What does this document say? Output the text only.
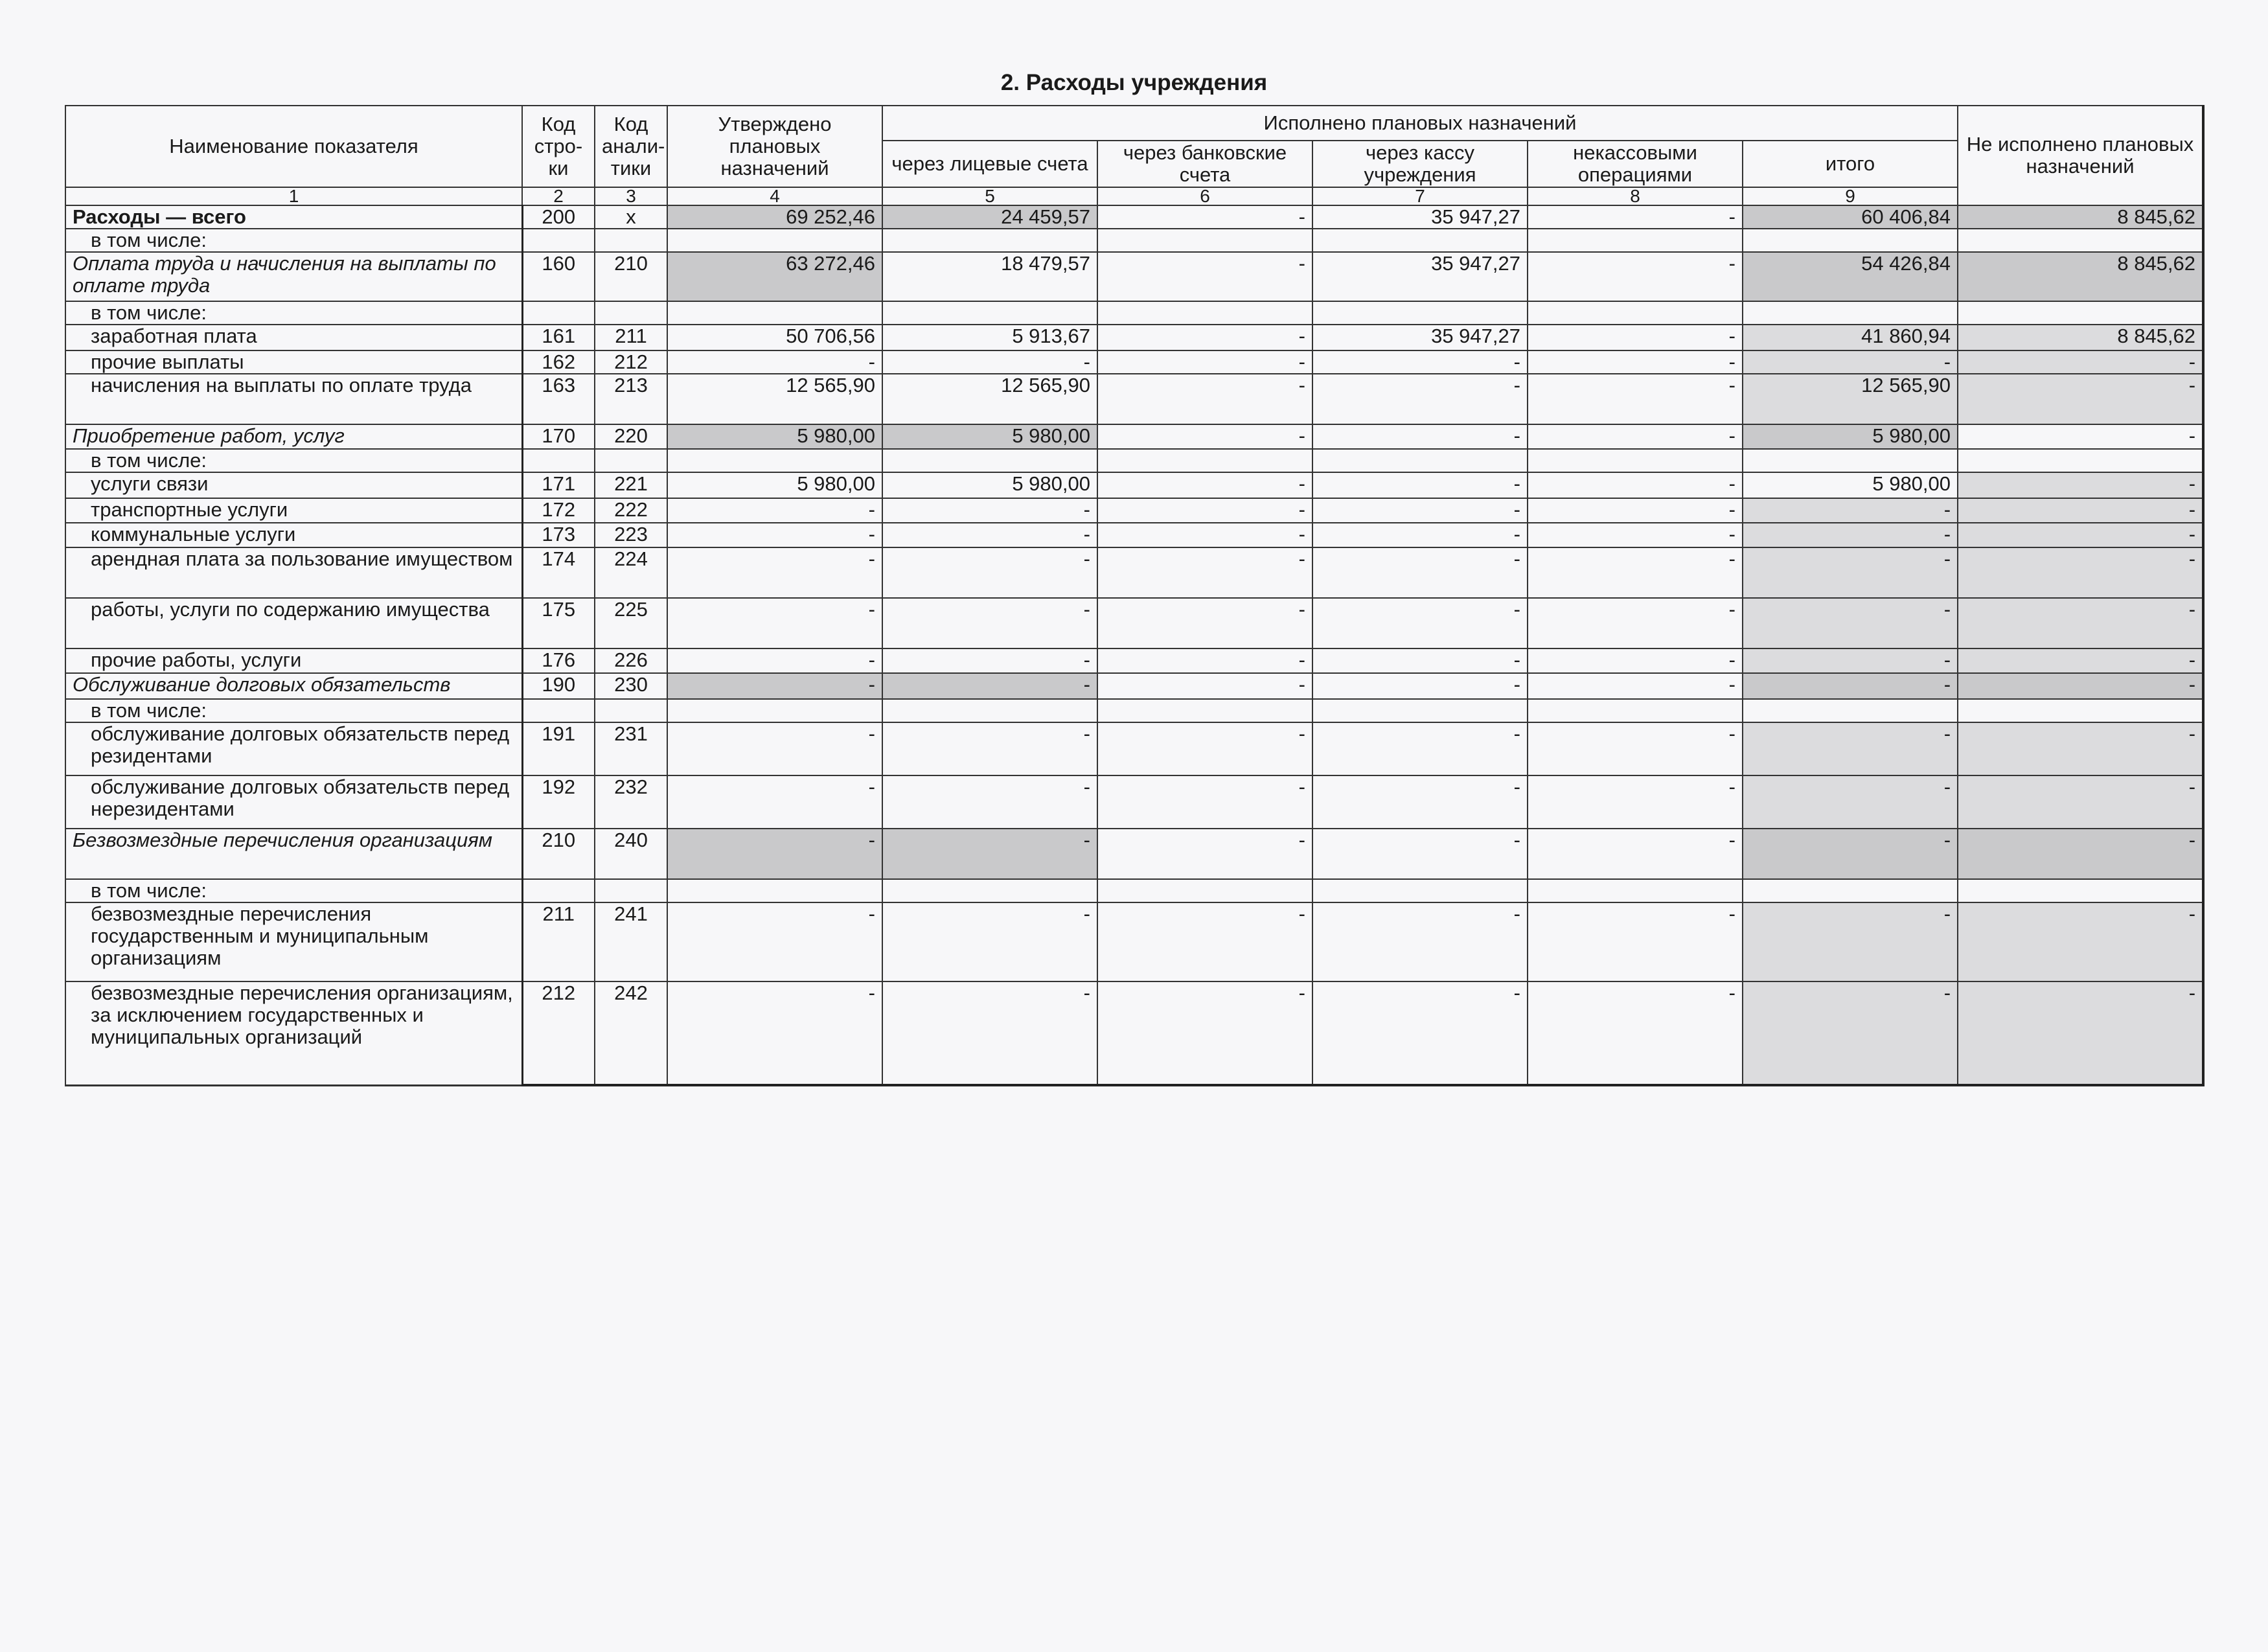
2. Расходы учреждения
Наименование показателя	Код стро-ки	Код анали-тики	Утверждено плановых назначений	Исполнено плановых назначений					Не исполнено плановых назначений
				через лицевые счета	через банковские счета	через кассу учреждения	некассовыми операциями	итого	
1	2	3	4	5	6	7	8	9	
Расходы — всего	200	x	69 252,46	24 459,57	-	35 947,27	-	60 406,84	8 845,62
в том числе:									
Оплата труда и начисления на выплаты по оплате труда	160	210	63 272,46	18 479,57	-	35 947,27	-	54 426,84	8 845,62
в том числе:									
заработная плата	161	211	50 706,56	5 913,67	-	35 947,27	-	41 860,94	8 845,62
прочие выплаты	162	212	-	-	-	-	-	-	-
начисления на выплаты по оплате труда	163	213	12 565,90	12 565,90	-	-	-	12 565,90	-
Приобретение работ, услуг	170	220	5 980,00	5 980,00	-	-	-	5 980,00	-
в том числе:									
услуги связи	171	221	5 980,00	5 980,00	-	-	-	5 980,00	-
транспортные услуги	172	222	-	-	-	-	-	-	-
коммунальные услуги	173	223	-	-	-	-	-	-	-
арендная плата за пользование имуществом	174	224	-	-	-	-	-	-	-
работы, услуги по содержанию имущества	175	225	-	-	-	-	-	-	-
прочие работы, услуги	176	226	-	-	-	-	-	-	-
Обслуживание долговых обязательств	190	230	-	-	-	-	-	-	-
в том числе:									
обслуживание долговых обязательств перед резидентами	191	231	-	-	-	-	-	-	-
обслуживание долговых обязательств перед нерезидентами	192	232	-	-	-	-	-	-	-
Безвозмездные перечисления организациям	210	240	-	-	-	-	-	-	-
в том числе:									
безвозмездные перечисления государственным и муниципальным организациям	211	241	-	-	-	-	-	-	-
безвозмездные перечисления организациям, за исключением государственных и муниципальных организаций	212	242	-	-	-	-	-	-	-
